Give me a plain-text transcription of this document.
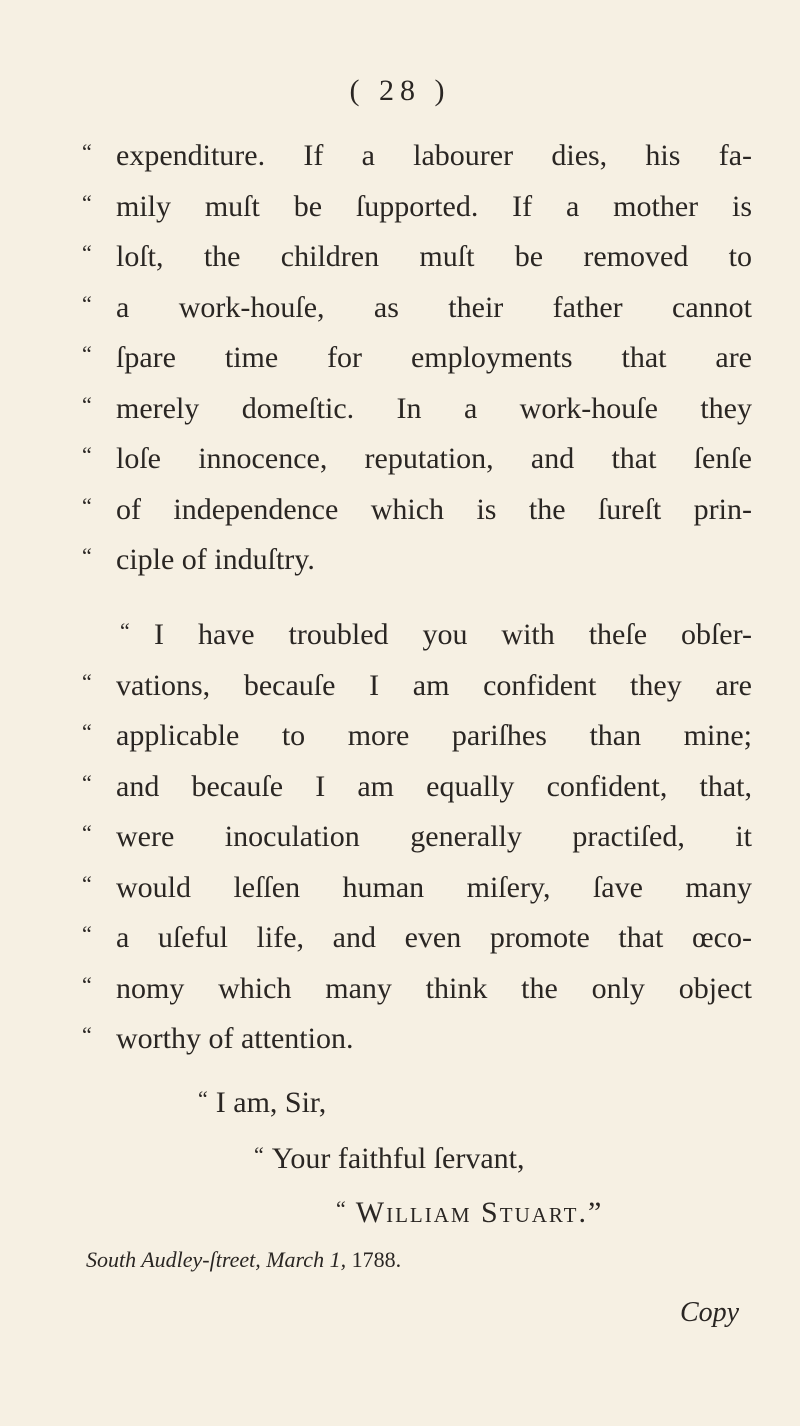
( 28 )
“ expenditure. If a labourer dies, his fa-
“ mily muſt be ſupported. If a mother is
“ loſt, the children muſt be removed to
“ a work-houſe, as their father cannot
“ ſpare time for employments that are
“ merely domeſtic. In a work-houſe they
“ loſe innocence, reputation, and that ſenſe
“ of independence which is the ſureſt prin-
“ ciple of induſtry.
“ I have troubled you with theſe obſer-
“ vations, becauſe I am confident they are
“ applicable to more pariſhes than mine;
“ and becauſe I am equally confident, that,
“ were inoculation generally practiſed, it
“ would leſſen human miſery, ſave many
“ a uſeful life, and even promote that œco-
“ nomy which many think the only object
“ worthy of attention.
“ I am, Sir,
“ Your faithful ſervant,
“ William Stuart.”
South Audley-ſtreet, March 1, 1788.
Copy
